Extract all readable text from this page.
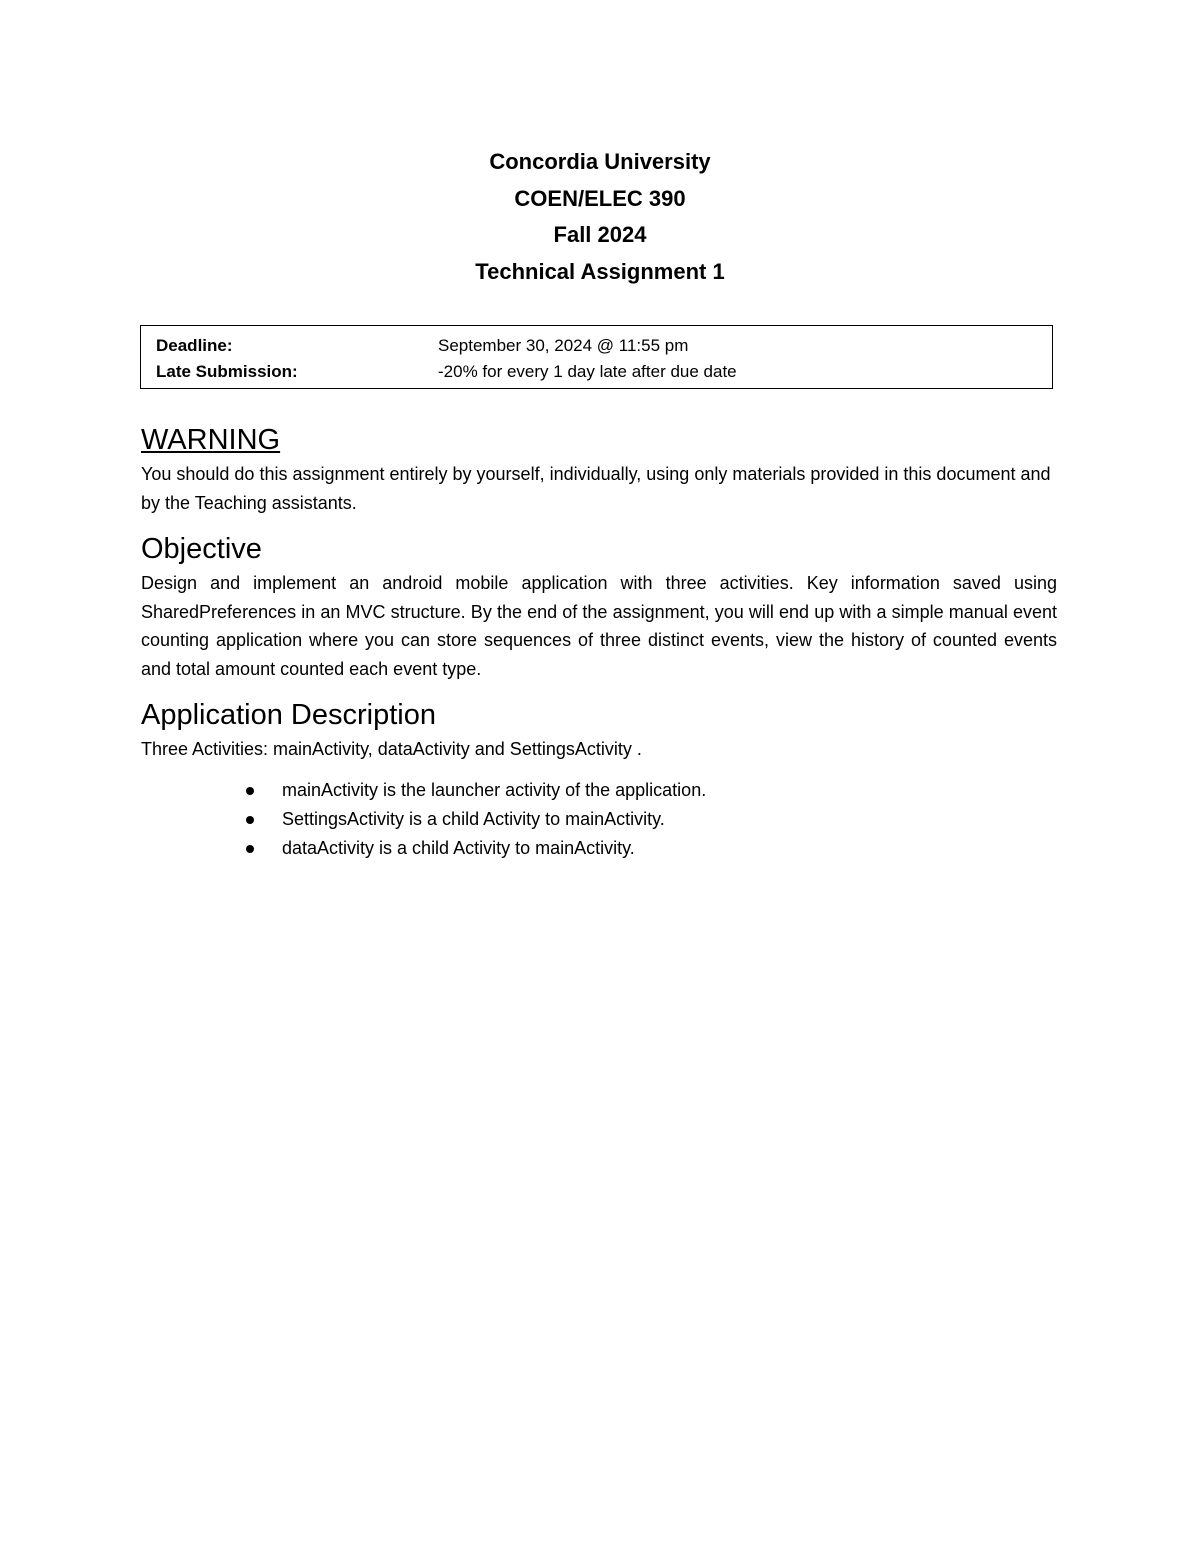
Concordia University

COEN/ELEC 390

Fall 2024

Technical Assignment 1

Deadline:	September 30, 2024 @ 11:55 pm
Late Submission:	-20% for every 1 day late after due date
WARNING

You should do this assignment entirely by yourself, individually, using only materials provided in this document and by the Teaching assistants.

Objective

Design and implement an android mobile application with three activities. Key information saved using SharedPreferences in an MVC structure. By the end of the assignment, you will end up with a simple manual event counting application where you can store sequences of three distinct events, view the history of counted events and total amount counted each event type.

Application Description

Three Activities: mainActivity, dataActivity and SettingsActivity .

mainActivity is the launcher activity of the application.
SettingsActivity is a child Activity to mainActivity.
dataActivity is a child Activity to mainActivity.
